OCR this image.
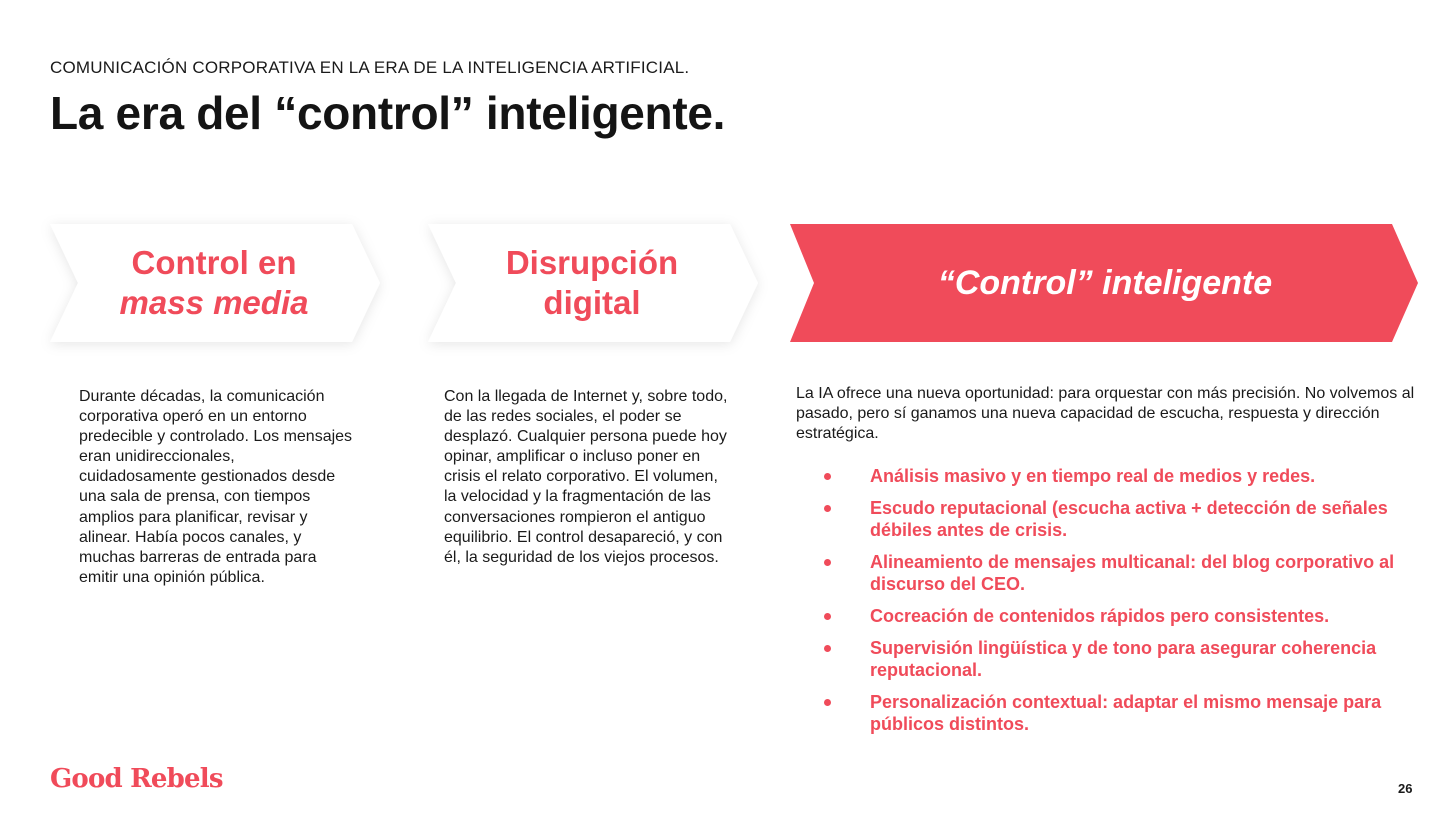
COMUNICACIÓN CORPORATIVA EN LA ERA DE LA INTELIGENCIA ARTIFICIAL.
La era del “control” inteligente.
Control en
mass media
Disrupción
digital
“Control” inteligente
Durante décadas, la comunicación corporativa operó en un entorno predecible y controlado. Los mensajes eran unidireccionales, cuidadosamente gestionados desde una sala de prensa, con tiempos amplios para planificar, revisar y alinear. Había pocos canales, y muchas barreras de entrada para emitir una opinión pública.
Con la llegada de Internet y, sobre todo, de las redes sociales, el poder se desplazó. Cualquier persona puede hoy opinar, amplificar o incluso poner en crisis el relato corporativo. El volumen, la velocidad y la fragmentación de las conversaciones rompieron el antiguo equilibrio. El control desapareció, y con él, la seguridad de los viejos procesos.
La IA ofrece una nueva oportunidad: para orquestar con más precisión. No volvemos al pasado, pero sí ganamos una nueva capacidad de escucha, respuesta y dirección estratégica.
Análisis masivo y en tiempo real de medios y redes.
Escudo reputacional (escucha activa + detección de señales débiles antes de crisis.
Alineamiento de mensajes multicanal: del blog corporativo al discurso del CEO.
Cocreación de contenidos rápidos pero consistentes.
Supervisión lingüística y de tono para asegurar coherencia reputacional.
Personalización contextual: adaptar el mismo mensaje para públicos distintos.
Good Rebels	26
